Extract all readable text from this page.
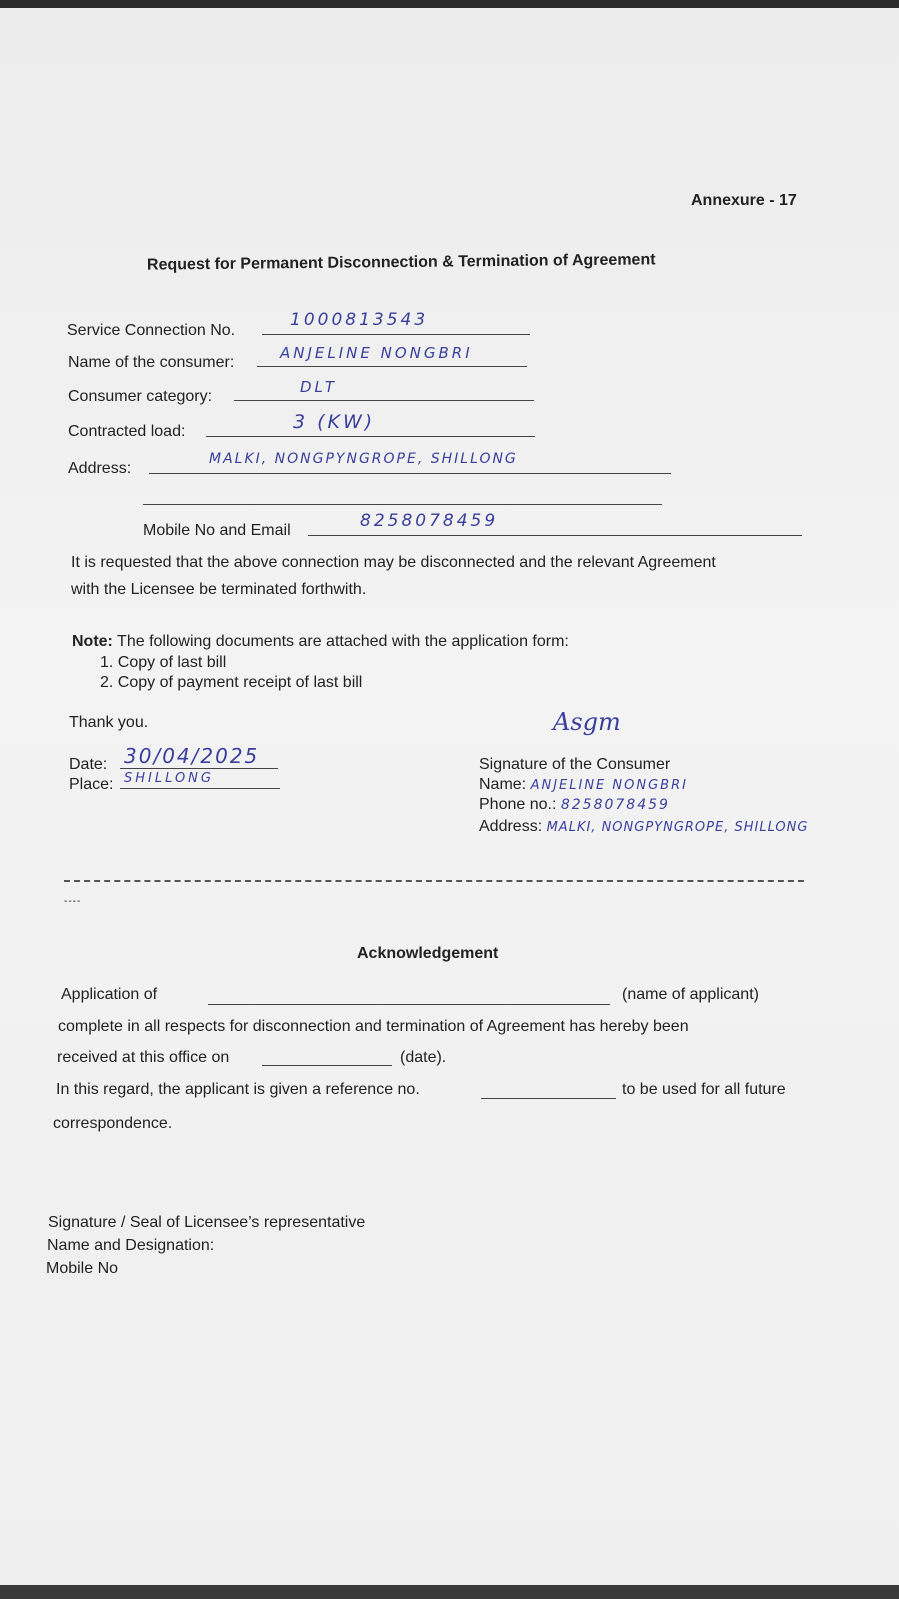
Annexure - 17
Request for Permanent Disconnection & Termination of Agreement
Service Connection No.
1000813543
Name of the consumer:
ANJELINE NONGBRI
Consumer category:
DLT
Contracted load:	3 (KW)
Address:
MALKI, NONGPYNGROPE, SHILLONG
Mobile No and Email	8258078459
It is requested that the above connection may be disconnected and the relevant Agreement
with the Licensee be terminated forthwith.
Note: The following documents are attached with the application form:
1. Copy of last bill
2. Copy of payment receipt of last bill
Thank you.
Date: 30/04/2025
Place: SHILLONG
Asgm
Signature of the Consumer
Name: ANJELINE NONGBRI
Phone no.: 8258078459
Address: MALKI, NONGPYNGROPE, SHILLONG
----
Acknowledgement
Application of	(name of applicant)
complete in all respects for disconnection and termination of Agreement has hereby been
received at this office on	(date).
In this regard, the applicant is given a reference no.	to be used for all future
correspondence.
Signature / Seal of Licensee’s representative
Name and Designation:
Mobile No
